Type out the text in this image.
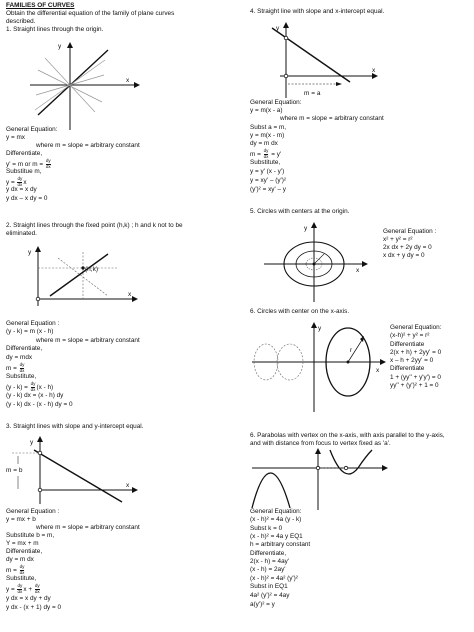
FAMILIES OF CURVES
Obtain the differential equation of the family of plane curves
described.
1. Straight lines through the origin.
y
x
General Equation:
y = mx
where m = slope = arbitrary constant
Differentiate,
y' = m or $m = \frac{dy}{dx}$
Substitue m,
$y = \frac{dy}{dx}$ x
y dx = x dy
y dx – x dy = 0
2. Straight lines through the fixed point (h,k) ; h and k not to be
eliminated.
(h,k)
y
x
General Equation :
(y - k) = m (x - h)
where m = slope = arbitrary constant
Differentiate,
dy = mdx
$m = \frac{dy}{dx}$
Substitute,
$(y - k) = \frac{dy}{dx} (x - h)$
(y - k) dx = (x - h) dy
(y - k) dx - (x - h) dy = 0
3. Straight lines with slope and y-intercept equal.
m = b
y
x
General Equation :
y = mx + b
where m = slope = arbitrary constant
Substitute b = m,
Y = mx + m
Differentiate,
dy = m dx
$m = \frac{dy}{dx}$
Substitute,
$y = \frac{dy}{dx}$ $x + \frac{dy}{dx}$
y dx = x dy + dy
y dx - (x + 1) dy = 0
4. Straight line with slope and x-intercept equal.
m = a
y
x
General Equation:
y = m(x - a)
where m = slope = arbitrary constant
Subst a = m,
y = m(x - m)
dy = m dx
$m = \frac{dy}{dx} = y'$
Substitute,
y = y' (x - y')
y = xy' – (y')²
(y')² = xy' – y
5. Circles with centers at the origin.
y
x
General Equation :
x² + y² = r²
2x dx + 2y dy = 0
x dx + y dy = 0
6. Circles with center on the x-axis.
r
y
x
General Equation:
(x-h)² + y² = r²
Differentiate
2(x + h) + 2yy' = 0
x – h + 2yy' = 0
Differentiate
1 + (yy'' + y'y') = 0
yy'' + (y')² + 1 = 0
6. Parabolas with vertex on the x-axis, with axis parallel to the y-axis,
and with distance from focus to vertex fixed as 'a'.
General Equation:
(x - h)² = 4a (y - k)
Subst k = 0
(x - h)² = 4a y EQ1
h = arbitrary constant
Differentiate,
2(x - h) = 4ay'
(x - h) = 2ay'
(x - h)² = 4a² (y')²
Subst in EQ1
4a² (y')² = 4ay
a(y')² = y
